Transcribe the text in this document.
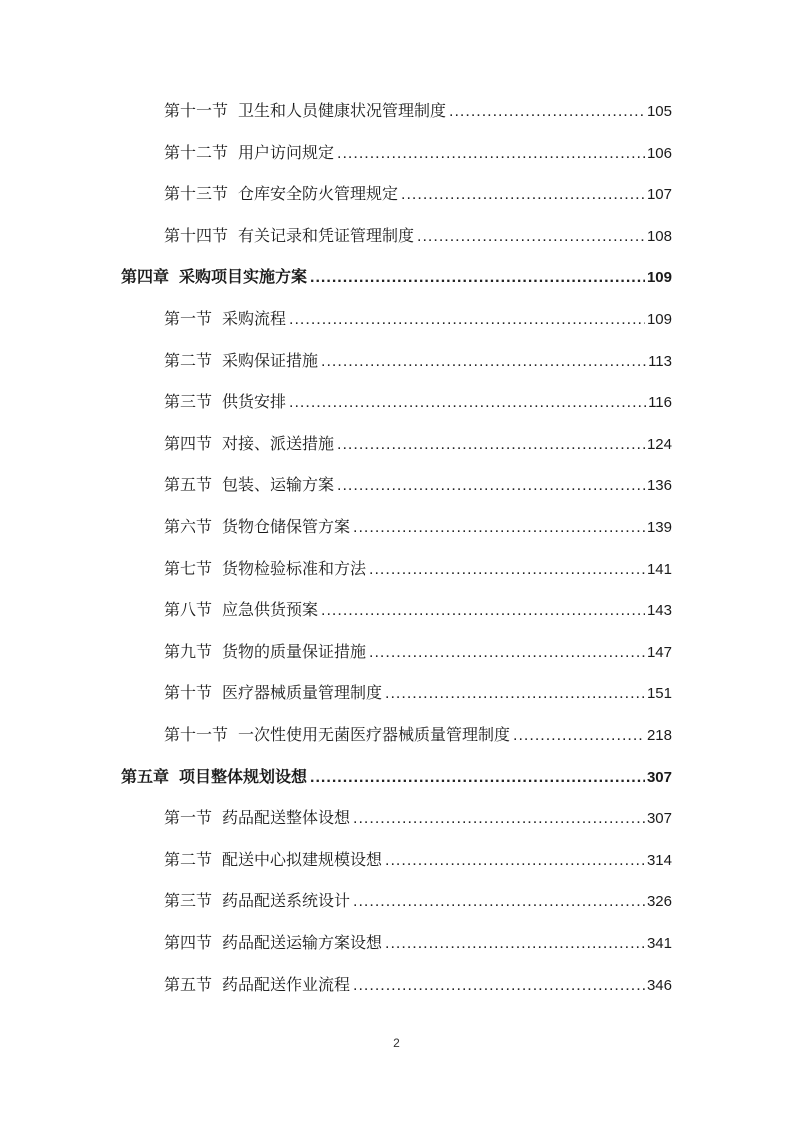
第十一节 卫生和人员健康状况管理制度 .....	105
第十二节 用户访问规定 .....	106
第十三节 仓库安全防火管理规定 .....	107
第十四节 有关记录和凭证管理制度 .....	108
第四章 采购项目实施方案 .....	109
第一节 采购流程 .....	109
第二节 采购保证措施 .....	113
第三节 供货安排 .....	116
第四节 对接、派送措施 .....	124
第五节 包装、运输方案 .....	136
第六节 货物仓储保管方案 .....	139
第七节 货物检验标准和方法 .....	141
第八节 应急供货预案 .....	143
第九节 货物的质量保证措施 .....	147
第十节 医疗器械质量管理制度 .....	151
第十一节 一次性使用无菌医疗器械质量管理制度 .....	218
第五章 项目整体规划设想 .....	307
第一节 药品配送整体设想 .....	307
第二节 配送中心拟建规模设想 .....	314
第三节 药品配送系统设计 .....	326
第四节 药品配送运输方案设想 .....	341
第五节 药品配送作业流程 .....	346
2
